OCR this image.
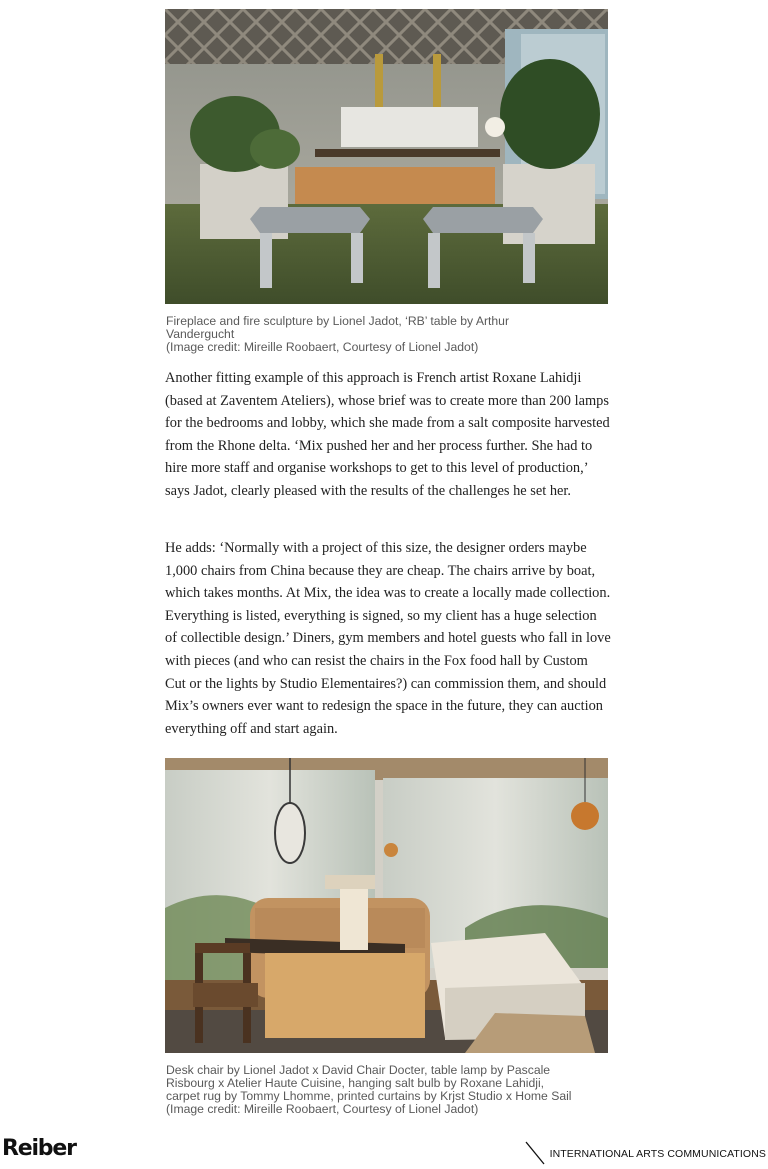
Fireplace and fire sculpture by Lionel Jadot, ‘RB’ table by Arthur

Vandergucht

(Image credit: Mireille Roobaert, Courtesy of Lionel Jadot)

Another fitting example of this approach is French artist Roxane Lahidji (based at Zaventem Ateliers), whose brief was to create more than 200 lamps for the bedrooms and lobby, which she made from a salt composite harvested from the Rhone delta. ‘Mix pushed her and her process further. She had to hire more staff and organise workshops to get to this level of production,’ says Jadot, clearly pleased with the results of the challenges he set her.

He adds: ‘Normally with a project of this size, the designer orders maybe 1,000 chairs from China because they are cheap. The chairs arrive by boat, which takes months. At Mix, the idea was to create a locally made collection. Everything is listed, everything is signed, so my client has a huge selection of collectible design.’ Diners, gym members and hotel guests who fall in love with pieces (and who can resist the chairs in the Fox food hall by Custom Cut or the lights by Studio Elementaires?) can commission them, and should Mix’s owners ever want to redesign the space in the future, they can auction everything off and start again.

Desk chair by Lionel Jadot x David Chair Docter, table lamp by Pascale

Risbourg x Atelier Haute Cuisine, hanging salt bulb by Roxane Lahidji,

carpet rug by Tommy Lhomme, printed curtains by Krjst Studio x Home Sail

(Image credit: Mireille Roobaert, Courtesy of Lionel Jadot)

Reiber	INTERNATIONAL ARTS COMMUNICATIONS
